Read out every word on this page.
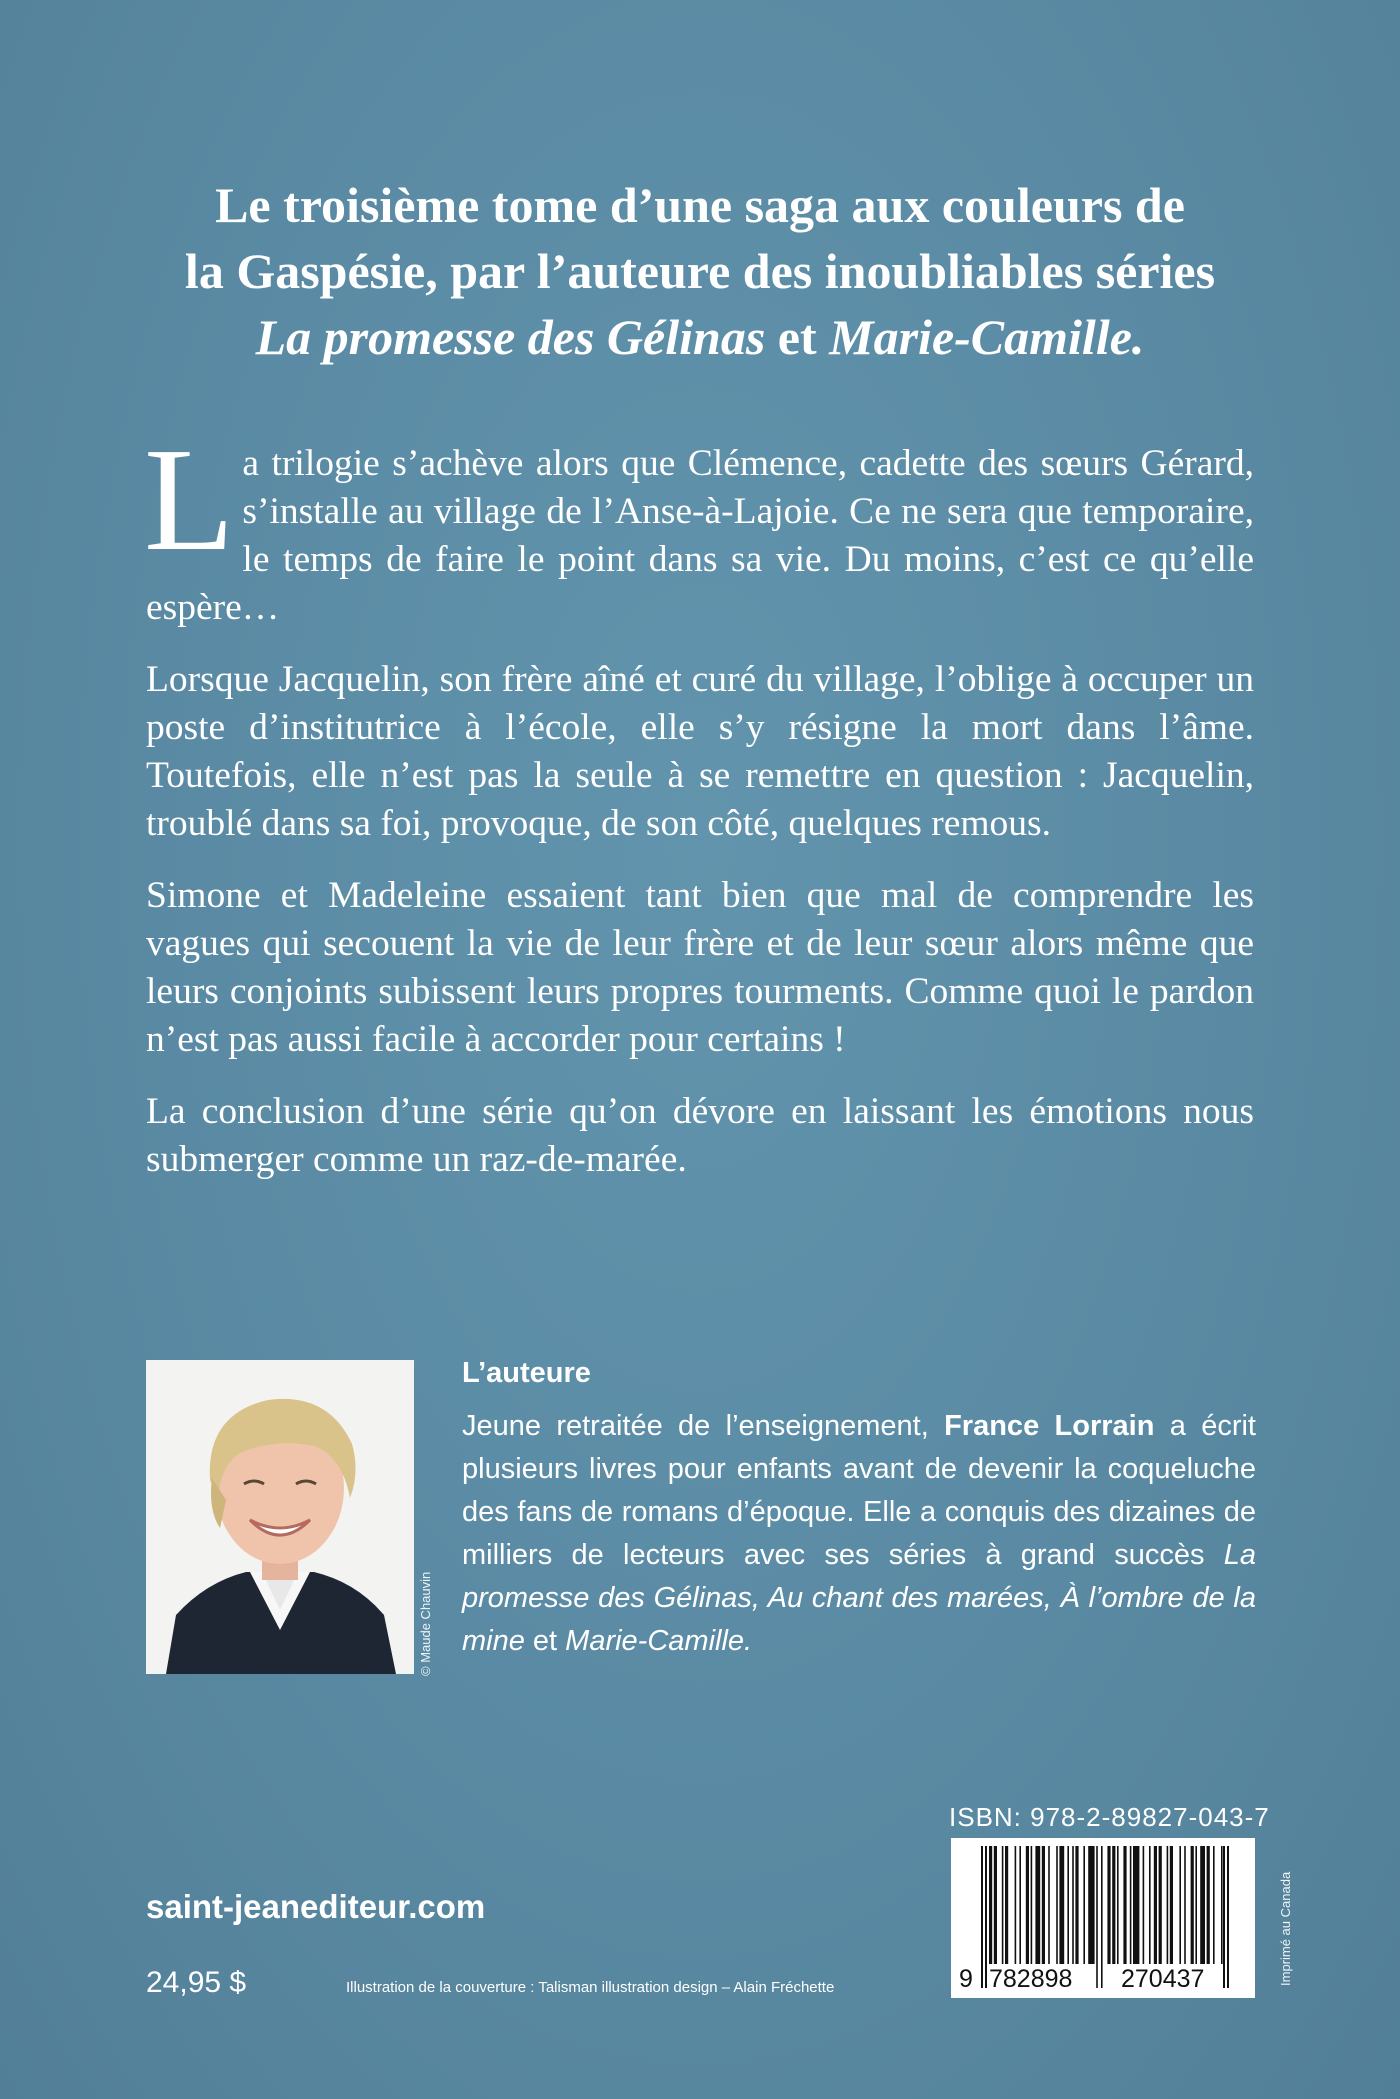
Le troisième tome d’une saga aux couleurs de
la Gaspésie, par l’auteure des inoubliables séries
La promesse des Gélinas et Marie-Camille.

La trilogie s’achève alors que Clémence, cadette des sœurs Gérard, s’installe au village de l’Anse-à-Lajoie. Ce ne sera que temporaire, le temps de faire le point dans sa vie. Du moins, c’est ce qu’elle espère…

Lorsque Jacquelin, son frère aîné et curé du village, l’oblige à occuper un poste d’institutrice à l’école, elle s’y résigne la mort dans l’âme. Toutefois, elle n’est pas la seule à se remettre en question : Jacquelin, troublé dans sa foi, provoque, de son côté, quelques remous.

Simone et Madeleine essaient tant bien que mal de comprendre les vagues qui secouent la vie de leur frère et de leur sœur alors même que leurs conjoints subissent leurs propres tourments. Comme quoi le pardon n’est pas aussi facile à accorder pour certains !

La conclusion d’une série qu’on dévore en laissant les émotions nous submerger comme un raz-de-marée.

© Maude Chauvin
L’auteure

Jeune retraitée de l’enseignement, France Lorrain a écrit plusieurs livres pour enfants avant de devenir la coqueluche des fans de romans d’époque. Elle a conquis des dizaines de milliers de lecteurs avec ses séries à grand succès La promesse des Gélinas, Au chant des marées, À l’ombre de la mine et Marie-Camille.

ISBN: 978-2-89827-043-7
9 782898 270437	Imprimé au Canada
saint-jeanediteur.com
24,95 $	Illustration de la couverture : Talisman illustration design – Alain Fréchette
